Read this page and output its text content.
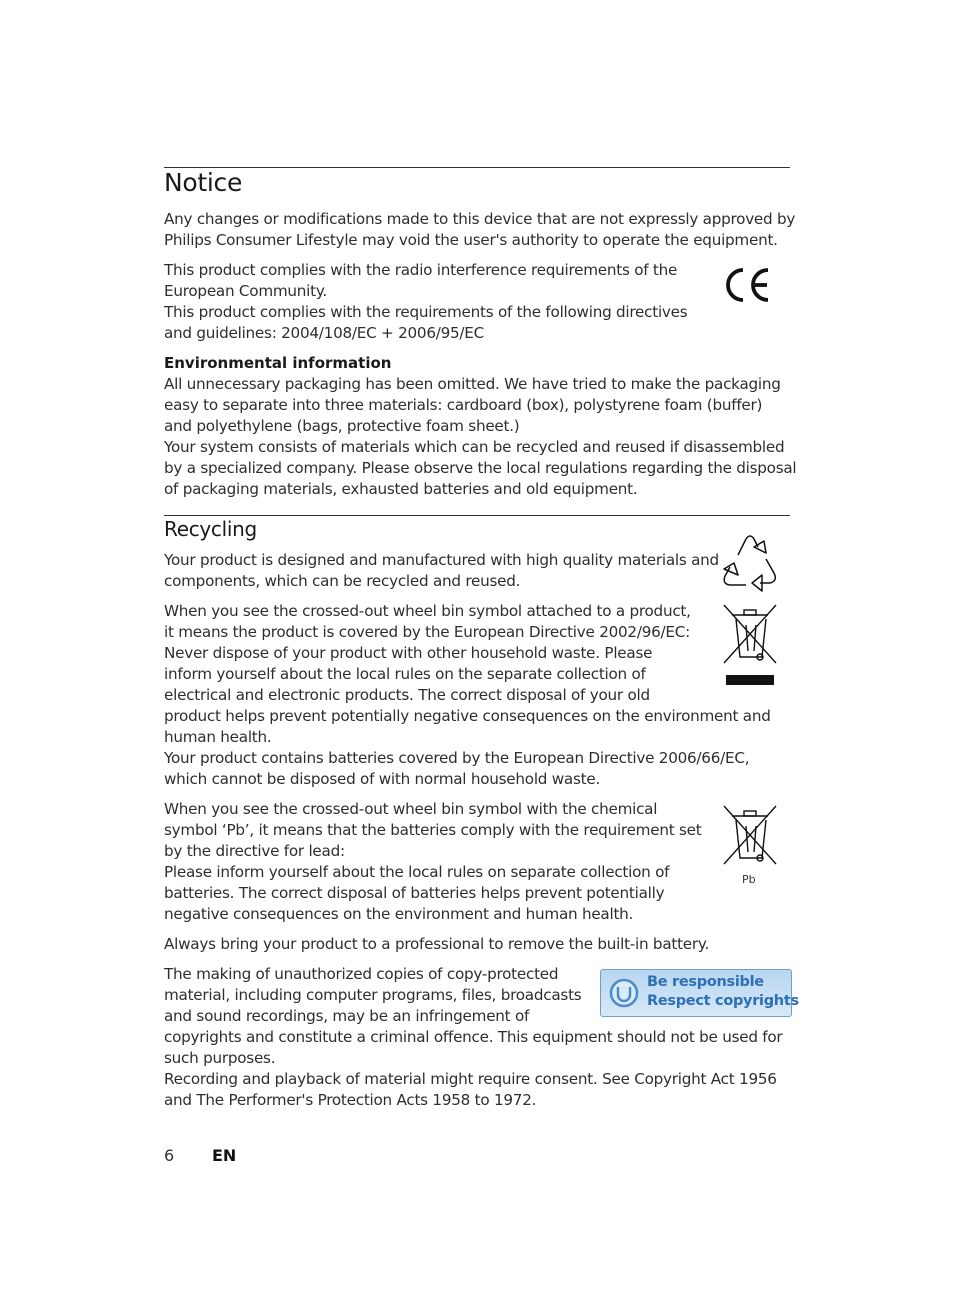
Notice

Any changes or modifications made to this device that are not expressly approved by
Philips Consumer Lifestyle may void the user's authority to operate the equipment.

This product complies with the radio interference requirements of the
European Community.
This product complies with the requirements of the following directives
and guidelines: 2004/108/EC + 2006/95/EC

Environmental information

All unnecessary packaging has been omitted. We have tried to make the packaging
easy to separate into three materials: cardboard (box), polystyrene foam (buffer)
and polyethylene (bags, protective foam sheet.)
Your system consists of materials which can be recycled and reused if disassembled
by a specialized company. Please observe the local regulations regarding the disposal
of packaging materials, exhausted batteries and old equipment.

Recycling

Your product is designed and manufactured with high quality materials and
components, which can be recycled and reused.

When you see the crossed-out wheel bin symbol attached to a product,
it means the product is covered by the European Directive 2002/96/EC:
Never dispose of your product with other household waste. Please
inform yourself about the local rules on the separate collection of
electrical and electronic products. The correct disposal of your old
product helps prevent potentially negative consequences on the environment and
human health.
Your product contains batteries covered by the European Directive 2006/66/EC,
which cannot be disposed of with normal household waste.

When you see the crossed-out wheel bin symbol with the chemical
symbol ‘Pb’, it means that the batteries comply with the requirement set
by the directive for lead:
Please inform yourself about the local rules on separate collection of
batteries. The correct disposal of batteries helps prevent potentially
negative consequences on the environment and human health.

Pb

Always bring your product to a professional to remove the built-in battery.

The making of unauthorized copies of copy-protected
material, including computer programs, files, broadcasts
and sound recordings, may be an infringement of
copyrights and constitute a criminal offence. This equipment should not be used for
such purposes.
Recording and playback of material might require consent. See Copyright Act 1956
and The Performer's Protection Acts 1958 to 1972.

Be responsible
Respect copyrights
6 EN
